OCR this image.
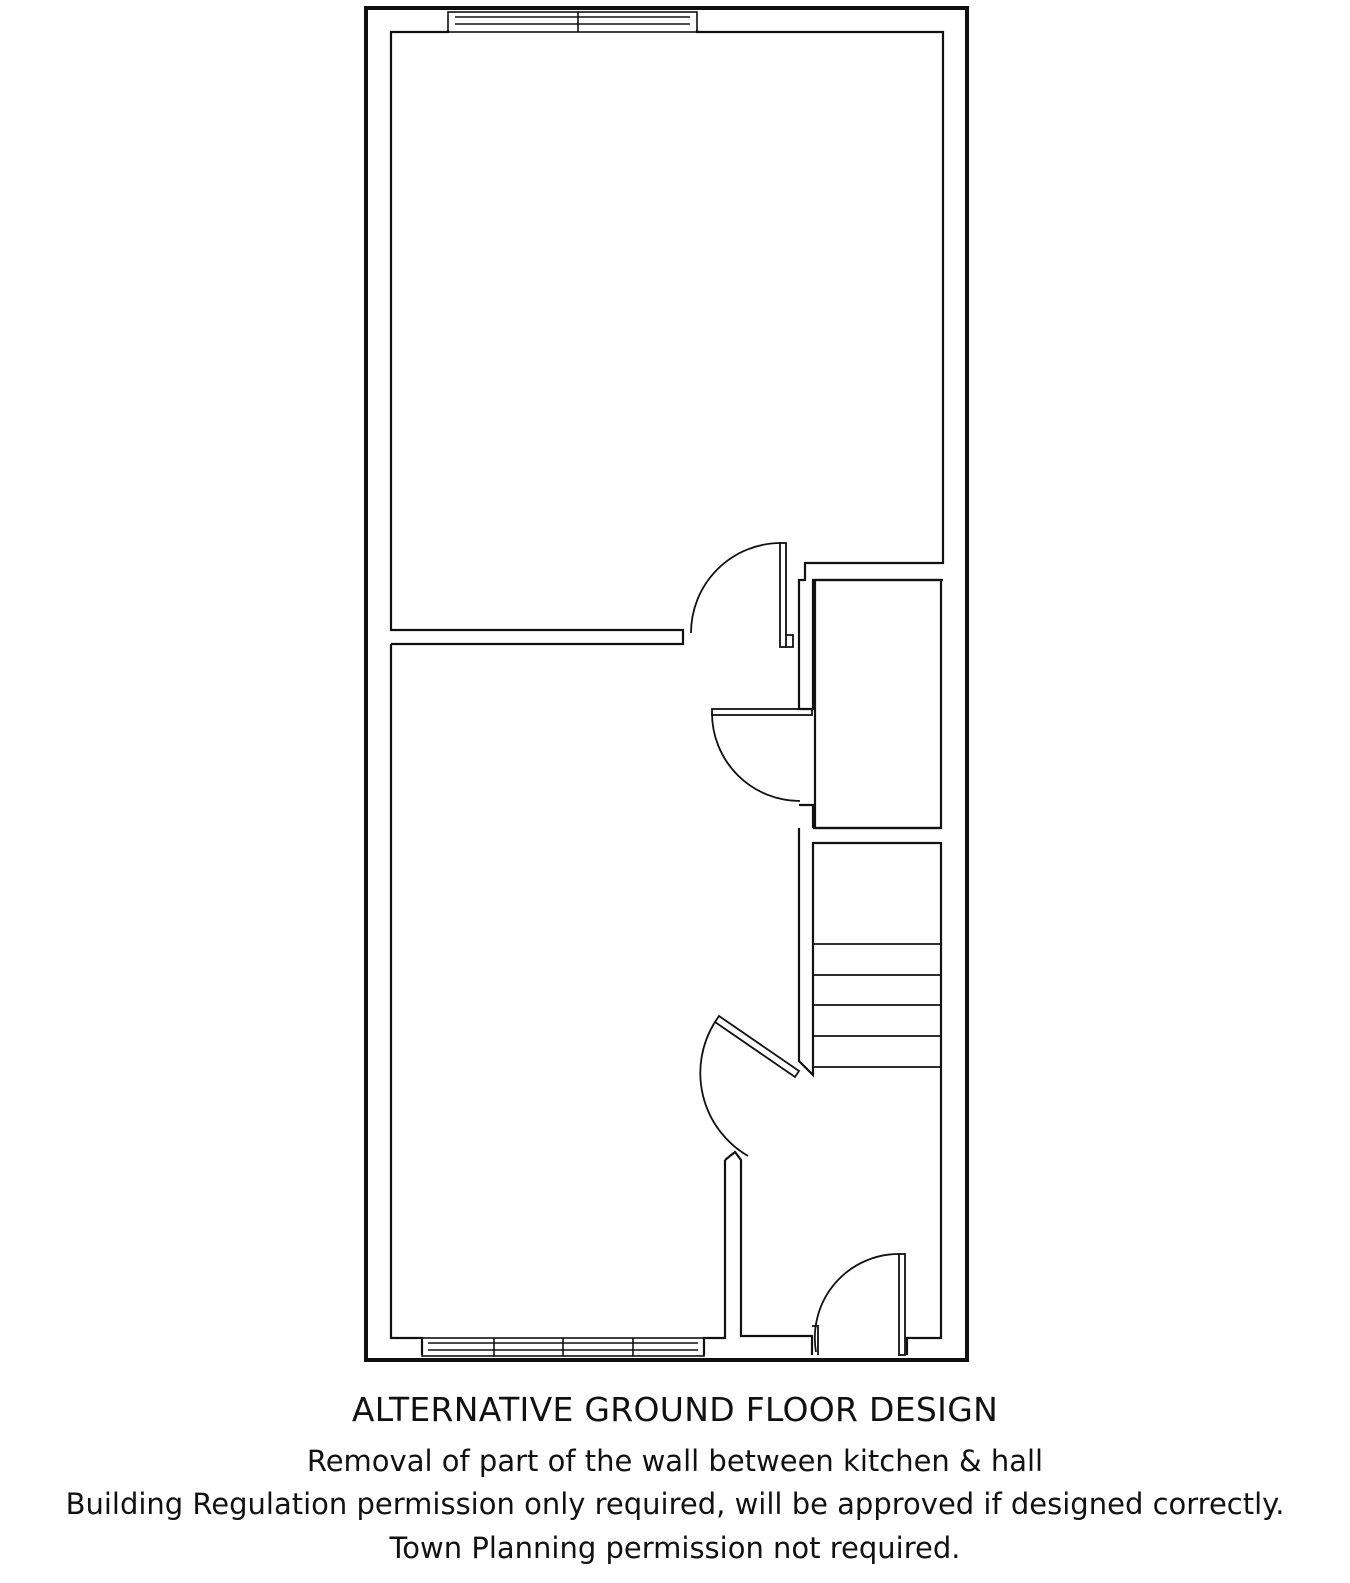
ALTERNATIVE GROUND FLOOR DESIGN
Removal of part of the wall between kitchen & hall
Building Regulation permission only required, will be approved if designed correctly.
Town Planning permission not required.
